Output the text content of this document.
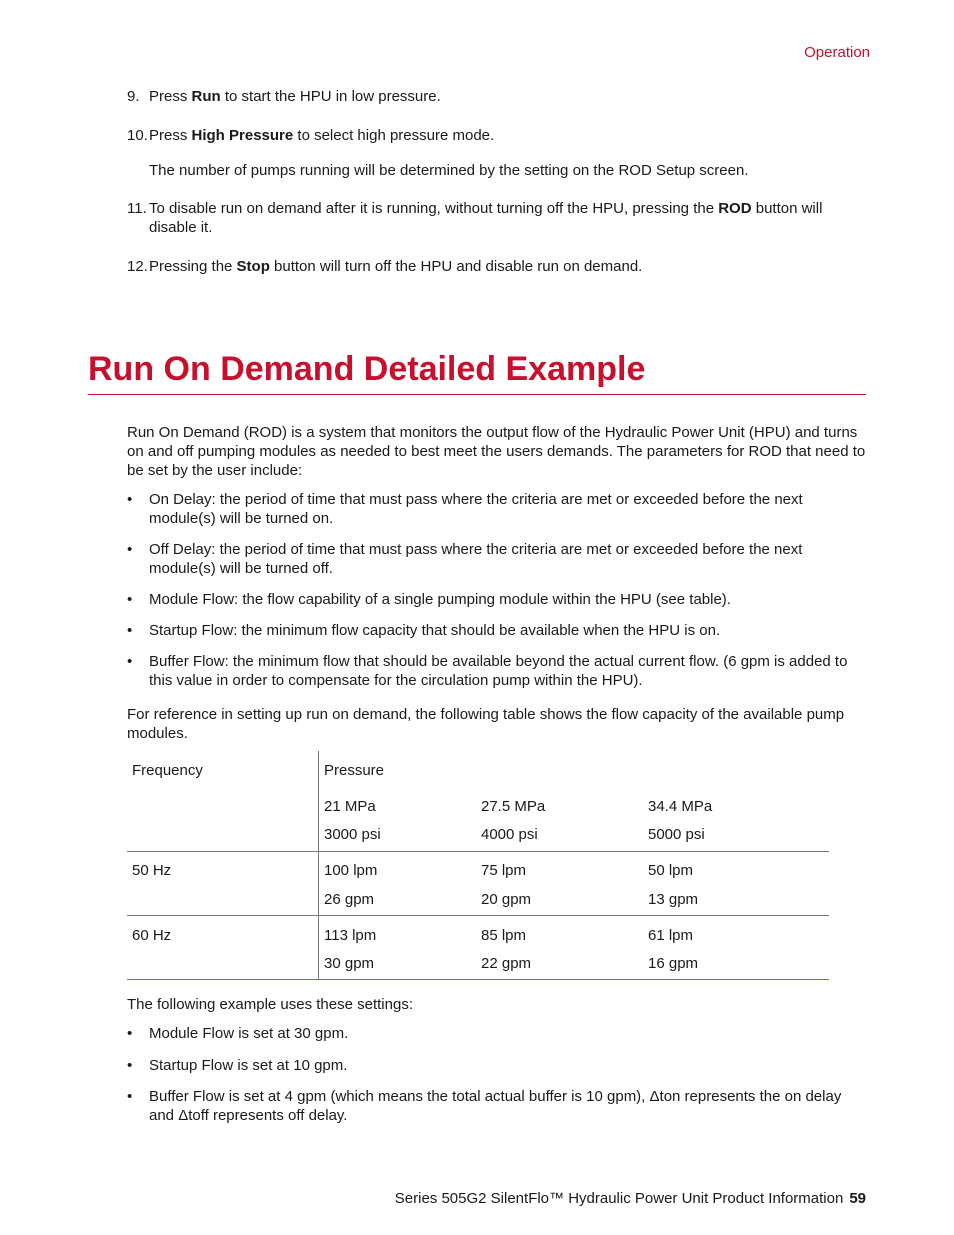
Operation
9. Press Run to start the HPU in low pressure.
10. Press High Pressure to select high pressure mode.
The number of pumps running will be determined by the setting on the ROD Setup screen.
11. To disable run on demand after it is running, without turning off the HPU, pressing the ROD button will disable it.
12. Pressing the Stop button will turn off the HPU and disable run on demand.
Run On Demand Detailed Example
Run On Demand (ROD) is a system that monitors the output flow of the Hydraulic Power Unit (HPU) and turns on and off pumping modules as needed to best meet the users demands. The parameters for ROD that need to be set by the user include:
• On Delay: the period of time that must pass where the criteria are met or exceeded before the next module(s) will be turned on.
• Off Delay: the period of time that must pass where the criteria are met or exceeded before the next module(s) will be turned off.
• Module Flow: the flow capability of a single pumping module within the HPU (see table).
• Startup Flow: the minimum flow capacity that should be available when the HPU is on.
• Buffer Flow: the minimum flow that should be available beyond the actual current flow. (6 gpm is added to this value in order to compensate for the circulation pump within the HPU).
For reference in setting up run on demand, the following table shows the flow capacity of the available pump modules.
Frequency	Pressure
21 MPa	27.5 MPa	34.4 MPa
3000 psi	4000 psi	5000 psi
50 Hz	100 lpm	75 lpm	50 lpm
26 gpm	20 gpm	13 gpm
60 Hz	113 lpm	85 lpm	61 lpm
30 gpm	22 gpm	16 gpm
The following example uses these settings:
• Module Flow is set at 30 gpm.
• Startup Flow is set at 10 gpm.
• Buffer Flow is set at 4 gpm (which means the total actual buffer is 10 gpm), Δton represents the on delay and Δtoff represents off delay.
Series 505G2 SilentFlo™ Hydraulic Power Unit Product Information 59
